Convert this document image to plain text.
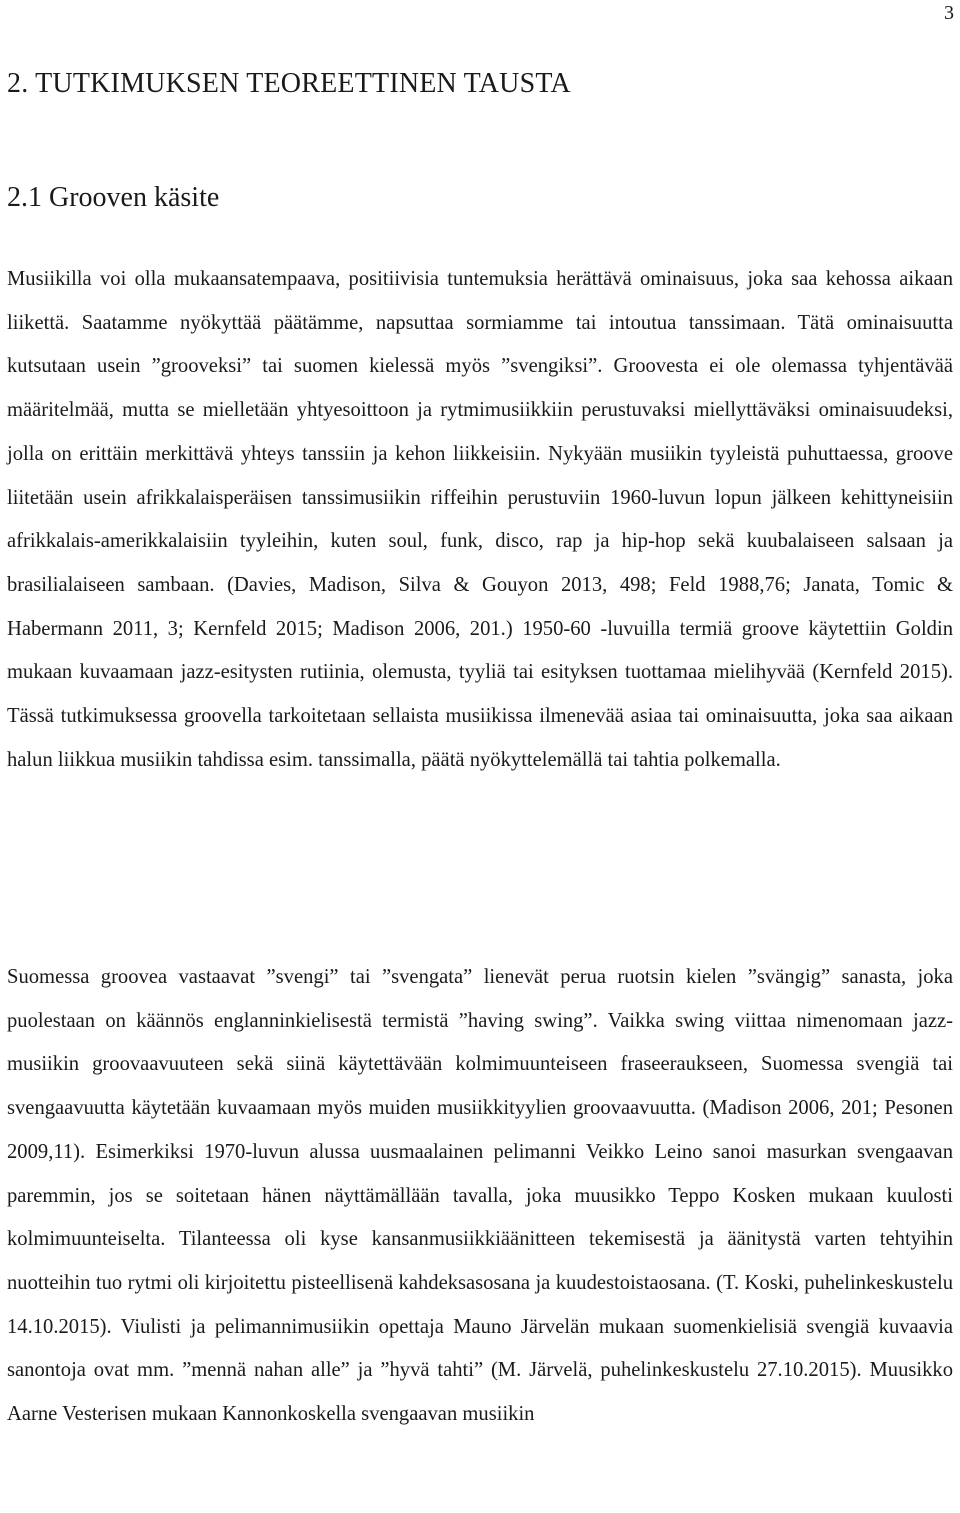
3
2. TUTKIMUKSEN TEOREETTINEN TAUSTA
2.1 Grooven käsite

Musiikilla voi olla mukaansatempaava, positiivisia tuntemuksia herättävä ominaisuus, joka saa kehossa aikaan liikettä. Saatamme nyökyttää päätämme, napsuttaa sormiamme tai intoutua tanssimaan. Tätä ominaisuutta kutsutaan usein ”grooveksi” tai suomen kielessä myös ”svengiksi”. Groovesta ei ole olemassa tyhjentävää määritelmää, mutta se mielletään yhtyesoittoon ja rytmimusiikkiin perustuvaksi miellyttäväksi ominaisuudeksi, jolla on erittäin merkittävä yhteys tanssiin ja kehon liikkeisiin. Nykyään musiikin tyyleistä puhuttaessa, groove liitetään usein afrikkalaisperäisen tanssimusiikin riffeihin perustuviin 1960-luvun lopun jälkeen kehittyneisiin afrikkalais-amerikkalaisiin tyyleihin, kuten soul, funk, disco, rap ja hip-hop sekä kuubalaiseen salsaan ja brasilialaiseen sambaan. (Davies, Madison, Silva & Gouyon 2013, 498; Feld 1988,76; Janata, Tomic & Habermann 2011, 3; Kernfeld 2015; Madison 2006, 201.) 1950-60 -luvuilla termiä groove käytettiin Goldin mukaan kuvaamaan jazz-esitysten rutiinia, olemusta, tyyliä tai esityksen tuottamaa mielihyvää (Kernfeld 2015). Tässä tutkimuksessa groovella tarkoitetaan sellaista musiikissa ilmenevää asiaa tai ominaisuutta, joka saa aikaan halun liikkua musiikin tahdissa esim. tanssimalla, päätä nyökyttelemällä tai tahtia polkemalla.

Suomessa groovea vastaavat ”svengi” tai ”svengata” lienevät perua ruotsin kielen ”svängig” sanasta, joka puolestaan on käännös englanninkielisestä termistä ”having swing”. Vaikka swing viittaa nimenomaan jazz-musiikin groovaavuuteen sekä siinä käytettävään kolmimuunteiseen fraseeraukseen, Suomessa svengiä tai svengaavuutta käytetään kuvaamaan myös muiden musiikkityylien groovaavuutta. (Madison 2006, 201; Pesonen 2009,11). Esimerkiksi 1970-luvun alussa uusmaalainen pelimanni Veikko Leino sanoi masurkan svengaavan paremmin, jos se soitetaan hänen näyttämällään tavalla, joka muusikko Teppo Kosken mukaan kuulosti kolmimuunteiselta. Tilanteessa oli kyse kansanmusiikkiäänitteen tekemisestä ja äänitystä varten tehtyihin nuotteihin tuo rytmi oli kirjoitettu pisteellisenä kahdeksasosana ja kuudestoistaosana. (T. Koski, puhelinkeskustelu 14.10.2015). Viulisti ja pelimannimusiikin opettaja Mauno Järvelän mukaan suomenkielisiä svengiä kuvaavia sanontoja ovat mm. ”mennä nahan alle” ja ”hyvä tahti” (M. Järvelä, puhelinkeskustelu 27.10.2015). Muusikko Aarne Vesterisen mukaan Kannonkoskella svengaavan musiikin
